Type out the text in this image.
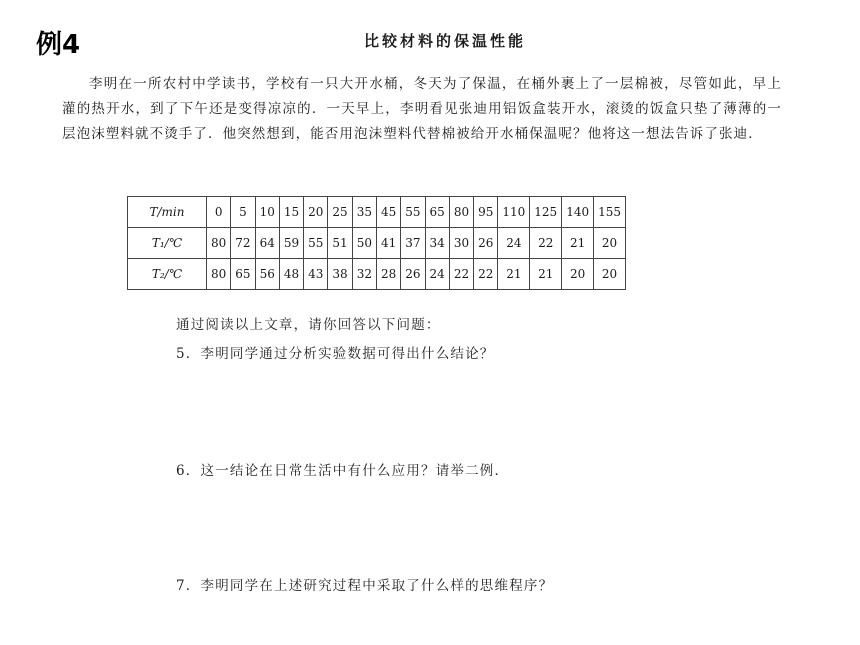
例4	比较材料的保温性能

李明在一所农村中学读书，学校有一只大开水桶，冬天为了保温，在桶外裹上了一层棉被，尽管如此，早上灌的热开水，到了下午还是变得凉凉的．一天早上，李明看见张迪用铝饭盒装开水，滚烫的饭盒只垫了薄薄的一层泡沫塑料就不烫手了．他突然想到，能否用泡沫塑料代替棉被给开水桶保温呢？他将这一想法告诉了张迪．

T/min	0	5	10	15	20	25	35	45	55	65	80	95	110	125	140	155
T₁/℃	80	72	64	59	55	51	50	41	37	34	30	26	24	22	21	20
T₂/℃	80	65	56	48	43	38	32	28	26	24	22	22	21	21	20	20

通过阅读以上文章，请你回答以下问题：

5．李明同学通过分析实验数据可得出什么结论？

6．这一结论在日常生活中有什么应用？请举二例．

7．李明同学在上述研究过程中采取了什么样的思维程序？
